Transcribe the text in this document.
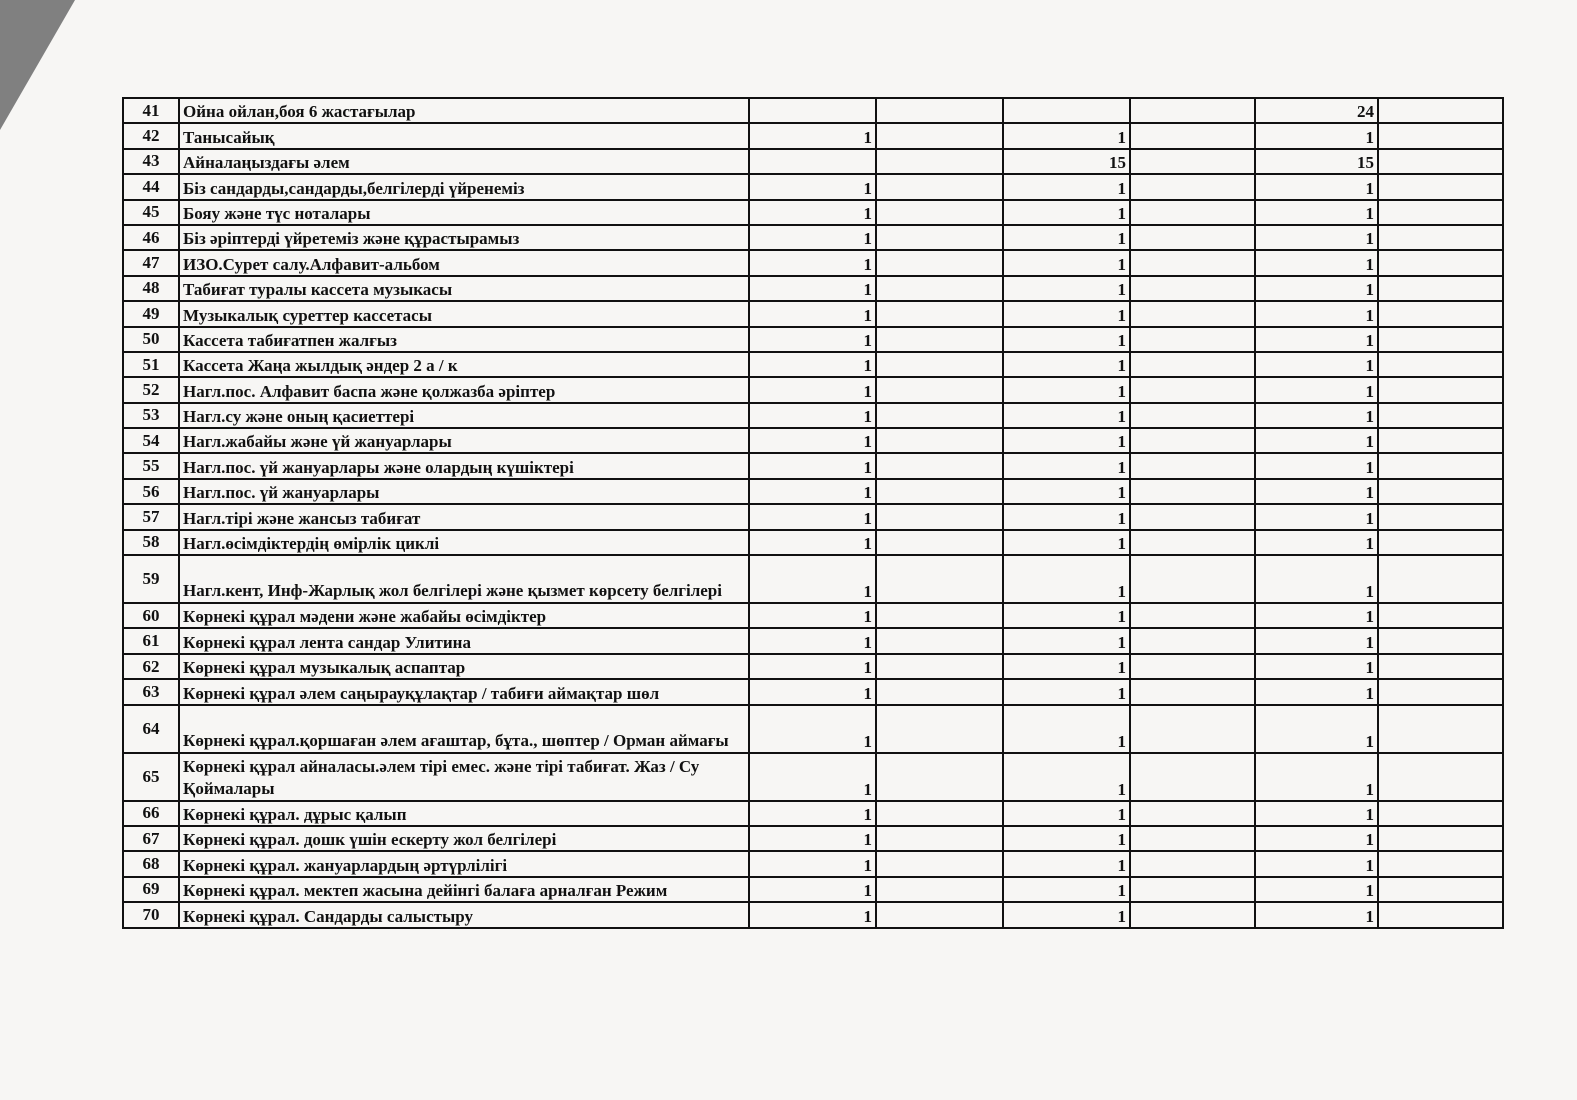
41	Ойна ойлан,боя 6 жастағылар					24	
42	Танысайық	1		1		1	
43	Айналаңыздағы әлем			15		15	
44	Біз сандарды,сандарды,белгілерді үйренеміз	1		1		1	
45	Бояу және түс ноталары	1		1		1	
46	Біз әріптерді үйретеміз және құрастырамыз	1		1		1	
47	ИЗО.Сурет салу.Алфавит-альбом	1		1		1	
48	Табиғат туралы кассета музыкасы	1		1		1	
49	Музыкалық суреттер кассетасы	1		1		1	
50	Кассета табиғатпен жалғыз	1		1		1	
51	Кассета Жаңа жылдық әндер 2 а / к	1		1		1	
52	Нагл.пос. Алфавит баспа және қолжазба әріптер	1		1		1	
53	Нагл.су және оның қасиеттері	1		1		1	
54	Нагл.жабайы және үй жануарлары	1		1		1	
55	Нагл.пос. үй жануарлары және олардың күшіктері	1		1		1	
56	Нагл.пос. үй жануарлары	1		1		1	
57	Нагл.тірі және жансыз табиғат	1		1		1	
58	Нагл.өсімдіктердің өмірлік циклі	1		1		1	
59	Нагл.кент, Инф-Жарлық жол белгілері және қызмет көрсету белгілері	1		1		1	
60	Көрнекі құрал мәдени және жабайы өсімдіктер	1		1		1	
61	Көрнекі құрал лента сандар Улитина	1		1		1	
62	Көрнекі құрал музыкалық аспаптар	1		1		1	
63	Көрнекі құрал әлем саңырауқұлақтар / табиғи аймақтар шөл	1		1		1	
64	Көрнекі құрал.қоршаған әлем ағаштар, бұта., шөптер / Орман аймағы	1		1		1	
65	Көрнекі құрал айналасы.әлем тірі емес. және тірі табиғат. Жаз / Су Қоймалары	1		1		1	
66	Көрнекі құрал. дұрыс қалып	1		1		1	
67	Көрнекі құрал. дошк үшін ескерту жол белгілері	1		1		1	
68	Көрнекі құрал. жануарлардың әртүрлілігі	1		1		1	
69	Көрнекі құрал. мектеп жасына дейінгі балаға арналған Режим	1		1		1	
70	Көрнекі құрал. Сандарды салыстыру	1		1		1	
